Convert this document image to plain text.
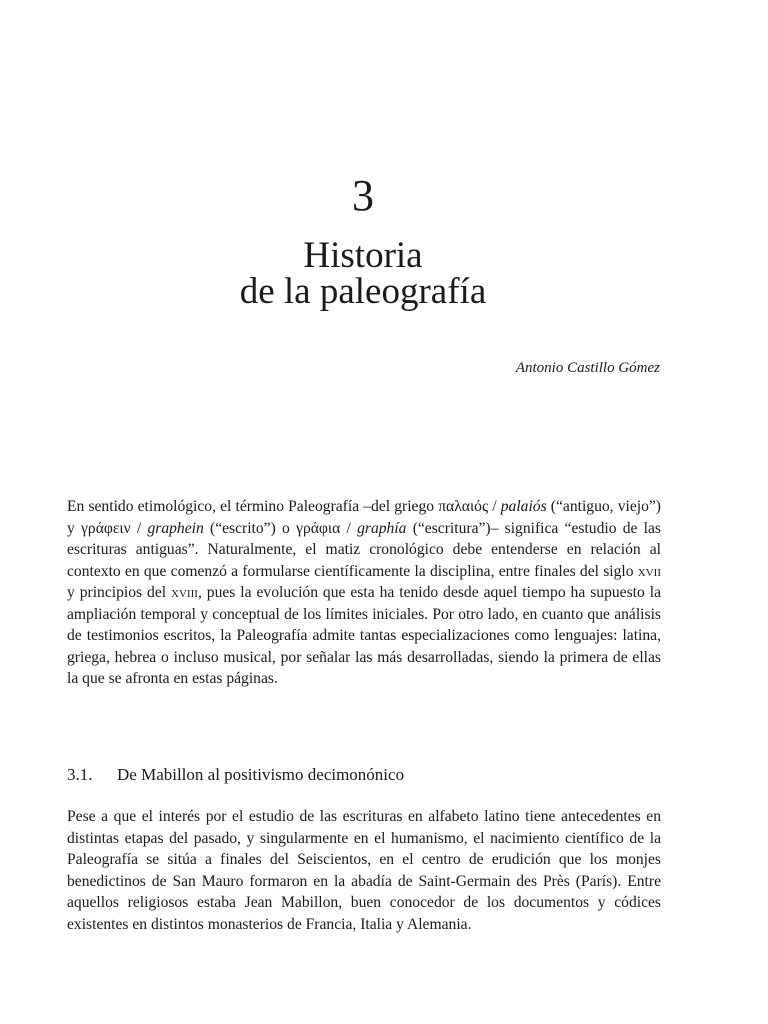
3
Historia
de la paleografía
Antonio Castillo Gómez

En sentido etimológico, el término Paleografía –del griego παλαιός / palaiós (“antiguo, viejo”) y γράφειν / graphein (“escrito”) o γράφια / graphía (“escritura”)– significa “estudio de las escrituras antiguas”. Naturalmente, el matiz cronológico debe entenderse en relación al contexto en que comenzó a formularse científicamente la disciplina, entre finales del siglo xvii y principios del xviii, pues la evolución que esta ha tenido desde aquel tiempo ha supuesto la ampliación temporal y conceptual de los límites iniciales. Por otro lado, en cuanto que análisis de testimonios escritos, la Paleografía admite tantas especializaciones como lenguajes: latina, griega, hebrea o incluso musical, por señalar las más desarrolladas, siendo la primera de ellas la que se afronta en estas páginas.

3.1. De Mabillon al positivismo decimonónico

Pese a que el interés por el estudio de las escrituras en alfabeto latino tiene antecedentes en distintas etapas del pasado, y singularmente en el humanismo, el nacimiento científico de la Paleografía se sitúa a finales del Seiscientos, en el centro de erudición que los monjes benedictinos de San Mauro formaron en la abadía de Saint-Germain des Près (París). Entre aquellos religiosos estaba Jean Mabillon, buen conocedor de los documentos y códices existentes en distintos monasterios de Francia, Italia y Alemania.
